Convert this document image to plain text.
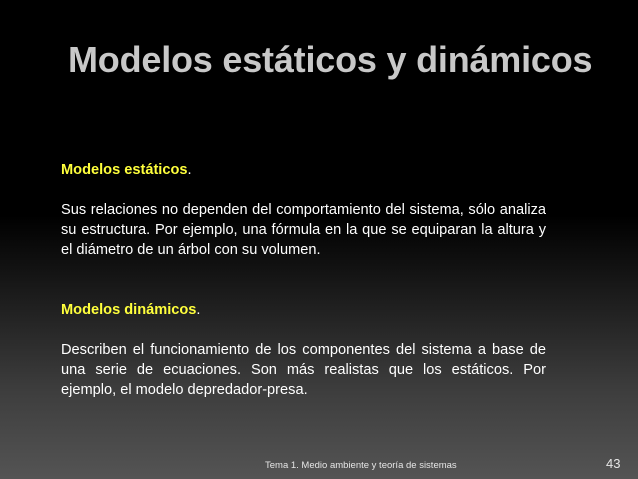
Modelos estáticos y dinámicos

Modelos estáticos.

Sus relaciones no dependen del comportamiento del sistema, sólo analiza su estructura. Por ejemplo, una fórmula en la que se equiparan la altura y el diámetro de un árbol con su volumen.

Modelos dinámicos.

Describen el funcionamiento de los componentes del sistema a base de una serie de ecuaciones. Son más realistas que los estáticos. Por ejemplo, el modelo depredador-presa.

Tema 1. Medio ambiente y teoría de sistemas	43
